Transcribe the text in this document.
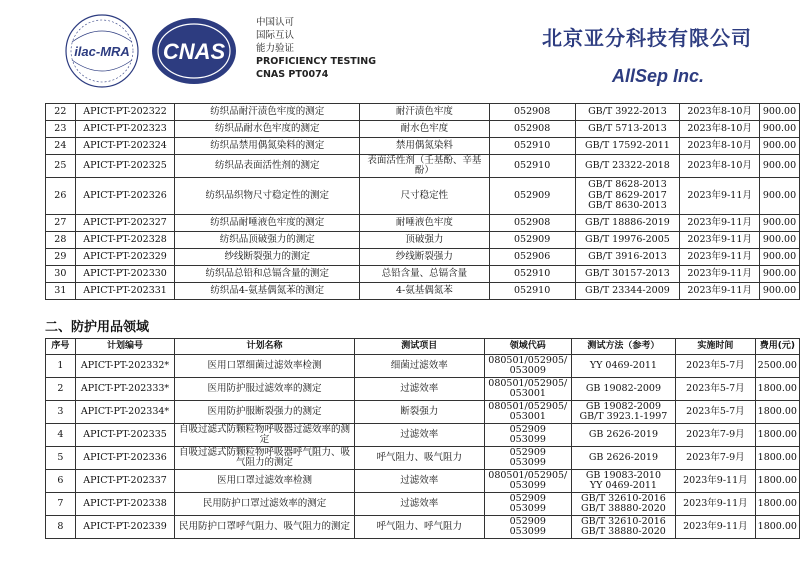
ilac-MRA CNAS
中国认可
国际互认
能力验证
PROFICIENCY TESTING
CNAS PT0074
北京亚分科技有限公司
AllSep Inc.
22	APICT-PT-202322	纺织品耐汗渍色牢度的测定	耐汗渍色牢度	052908	GB/T 3922-2013	2023年8-10月	900.00
23	APICT-PT-202323	纺织品耐水色牢度的测定	耐水色牢度	052908	GB/T 5713-2013	2023年8-10月	900.00
24	APICT-PT-202324	纺织品禁用偶氮染料的测定	禁用偶氮染料	052910	GB/T 17592-2011	2023年8-10月	900.00
25	APICT-PT-202325	纺织品表面活性剂的测定	表面活性剂（壬基酚、辛基酚）	052910	GB/T 23322-2018	2023年8-10月	900.00
26	APICT-PT-202326	纺织品织物尺寸稳定性的测定	尺寸稳定性	052909	GB/T 8628-2013
GB/T 8629-2017
GB/T 8630-2013	2023年9-11月	900.00
27	APICT-PT-202327	纺织品耐唾液色牢度的测定	耐唾液色牢度	052908	GB/T 18886-2019	2023年9-11月	900.00
28	APICT-PT-202328	纺织品顶破强力的测定	顶破强力	052909	GB/T 19976-2005	2023年9-11月	900.00
29	APICT-PT-202329	纱线断裂强力的测定	纱线断裂强力	052906	GB/T 3916-2013	2023年9-11月	900.00
30	APICT-PT-202330	纺织品总铅和总镉含量的测定	总铅含量、总镉含量	052910	GB/T 30157-2013	2023年9-11月	900.00
31	APICT-PT-202331	纺织品4-氨基偶氮苯的测定	4-氨基偶氮苯	052910	GB/T 23344-2009	2023年9-11月	900.00
二、防护用品领域
序号	计划编号	计划名称	测试项目	领域代码	测试方法（参考）	实施时间	费用(元)
1	APICT-PT-202332*	医用口罩细菌过滤效率检测	细菌过滤效率	080501/052905/
053009	YY 0469-2011	2023年5-7月	2500.00
2	APICT-PT-202333*	医用防护服过滤效率的测定	过滤效率	080501/052905/
053001	GB 19082-2009	2023年5-7月	1800.00
3	APICT-PT-202334*	医用防护服断裂强力的测定	断裂强力	080501/052905/
053001	GB 19082-2009
GB/T 3923.1-1997	2023年5-7月	1800.00
4	APICT-PT-202335	自吸过滤式防颗粒物呼吸器过滤效率的测定	过滤效率	052909
053099	GB 2626-2019	2023年7-9月	1800.00
5	APICT-PT-202336	自吸过滤式防颗粒物呼吸器呼气阻力、吸气阻力的测定	呼气阻力、吸气阻力	052909
053099	GB 2626-2019	2023年7-9月	1800.00
6	APICT-PT-202337	医用口罩过滤效率检测	过滤效率	080501/052905/
053099	GB 19083-2010
YY 0469-2011	2023年9-11月	1800.00
7	APICT-PT-202338	民用防护口罩过滤效率的测定	过滤效率	052909
053099	GB/T 32610-2016
GB/T 38880-2020	2023年9-11月	1800.00
8	APICT-PT-202339	民用防护口罩呼气阻力、吸气阻力的测定	呼气阻力、呼气阻力	052909
053099	GB/T 32610-2016
GB/T 38880-2020	2023年9-11月	1800.00
